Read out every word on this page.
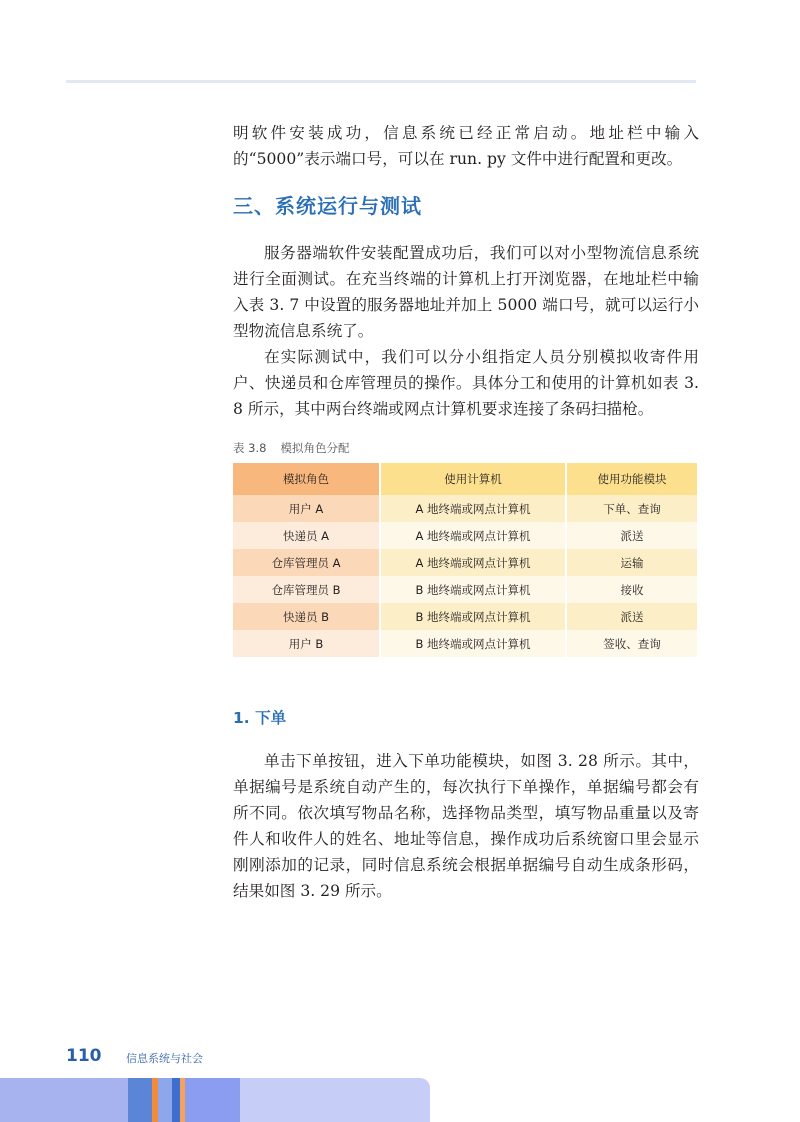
明软件安装成功，信息系统已经正常启动。地址栏中输入的“5000”表示端口号，可以在 run. py 文件中进行配置和更改。

三、系统运行与测试

服务器端软件安装配置成功后，我们可以对小型物流信息系统进行全面测试。在充当终端的计算机上打开浏览器，在地址栏中输入表 3. 7 中设置的服务器地址并加上 5000 端口号，就可以运行小型物流信息系统了。

在实际测试中，我们可以分小组指定人员分别模拟收寄件用户、快递员和仓库管理员的操作。具体分工和使用的计算机如表 3. 8 所示，其中两台终端或网点计算机要求连接了条码扫描枪。

表 3.8 模拟角色分配
模拟角色	使用计算机	使用功能模块
用户 A	A 地终端或网点计算机	下单、查询
快递员 A	A 地终端或网点计算机	派送
仓库管理员 A	A 地终端或网点计算机	运输
仓库管理员 B	B 地终端或网点计算机	接收
快递员 B	B 地终端或网点计算机	派送
用户 B	B 地终端或网点计算机	签收、查询
1. 下单

单击下单按钮，进入下单功能模块，如图 3. 28 所示。其中，单据编号是系统自动产生的，每次执行下单操作，单据编号都会有所不同。依次填写物品名称，选择物品类型，填写物品重量以及寄件人和收件人的姓名、地址等信息，操作成功后系统窗口里会显示刚刚添加的记录，同时信息系统会根据单据编号自动生成条形码，结果如图 3. 29 所示。

110 信息系统与社会
